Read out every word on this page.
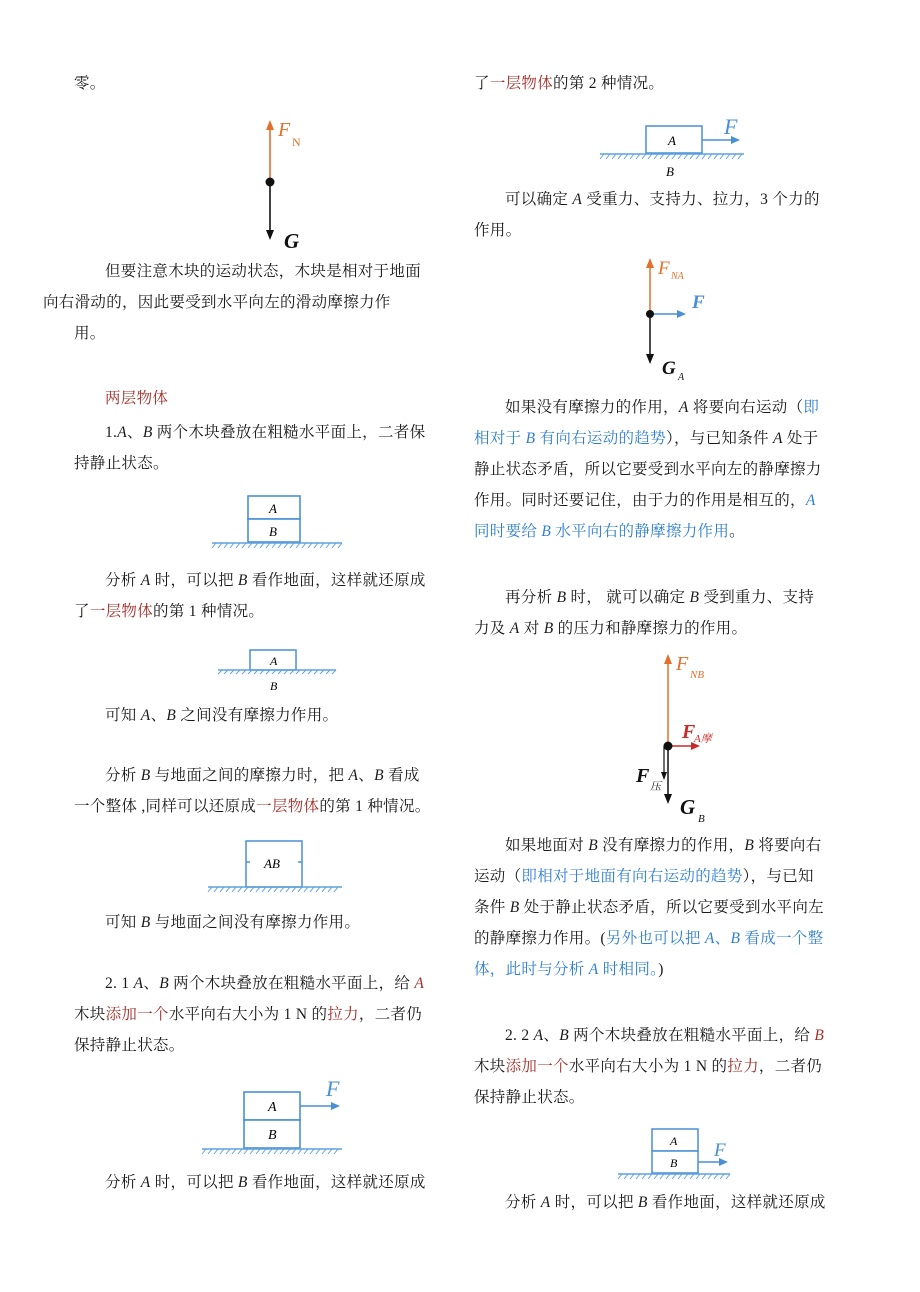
零。
F
N
G
但要注意木块的运动状态，木块是相对于地面
向右滑动的，因此要受到水平向左的滑动摩擦力作
用。
两层物体
1.A、B 两个木块叠放在粗糙水平面上，二者保
持静止状态。
A
B
分析 A 时，可以把 B 看作地面，这样就还原成
了一层物体的第 1 种情况。
A
B
可知 A、B 之间没有摩擦力作用。
分析 B 与地面之间的摩擦力时，把 A、B 看成
一个整体 ,同样可以还原成一层物体的第 1 种情况。
AB
可知 B 与地面之间没有摩擦力作用。
2. 1 A、B 两个木块叠放在粗糙水平面上，给 A
木块添加一个水平向右大小为 1 N 的拉力，二者仍
保持静止状态。
A
B
F
分析 A 时，可以把 B 看作地面，这样就还原成
了一层物体的第 2 种情况。
A
F
B
可以确定 A 受重力、支持力、拉力，3 个力的
作用。
F NA
F
G A
如果没有摩擦力的作用，A 将要向右运动（即
相对于 B 有向右运动的趋势），与已知条件 A 处于
静止状态矛盾，所以它要受到水平向左的静摩擦力
作用。同时还要记住，由于力的作用是相互的，A
同时要给 B 水平向右的静摩擦力作用。
再分析 B 时， 就可以确定 B 受到重力、支持
力及 A 对 B 的压力和静摩擦力的作用。
F NB
F
A摩
F 压
G B
如果地面对 B 没有摩擦力的作用，B 将要向右
运动（即相对于地面有向右运动的趋势），与已知
条件 B 处于静止状态矛盾，所以它要受到水平向左
的静摩擦力作用。(另外也可以把 A、B 看成一个整
体，此时与分析 A 时相同。)
2. 2 A、B 两个木块叠放在粗糙水平面上，给 B
木块添加一个水平向右大小为 1 N 的拉力，二者仍
保持静止状态。
A
B
F
分析 A 时，可以把 B 看作地面，这样就还原成
